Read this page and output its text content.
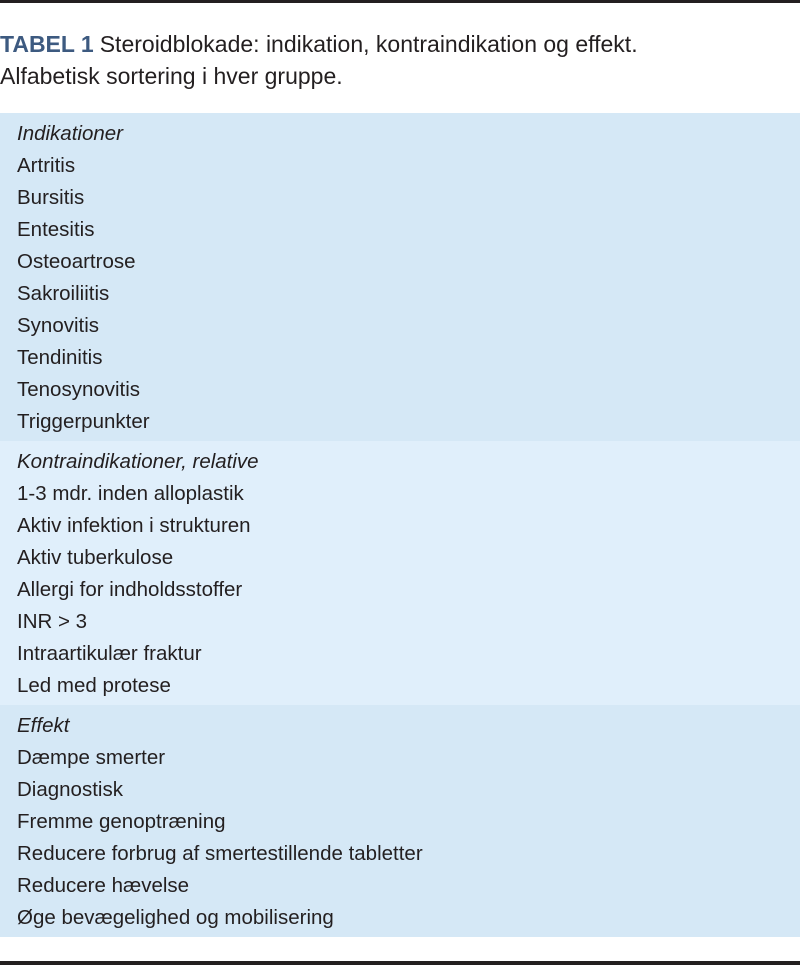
TABEL 1 Steroidblokade: indikation, kontraindikation og effekt.
Alfabetisk sortering i hver gruppe.
Indikationer
Artritis
Bursitis
Entesitis
Osteoartrose
Sakroiliitis
Synovitis
Tendinitis
Tenosynovitis
Triggerpunkter
Kontraindikationer, relative
1-3 mdr. inden alloplastik
Aktiv infektion i strukturen
Aktiv tuberkulose
Allergi for indholdsstoffer
INR > 3
Intraartikulær fraktur
Led med protese
Effekt
Dæmpe smerter
Diagnostisk
Fremme genoptræning
Reducere forbrug af smertestillende tabletter
Reducere hævelse
Øge bevægelighed og mobilisering
